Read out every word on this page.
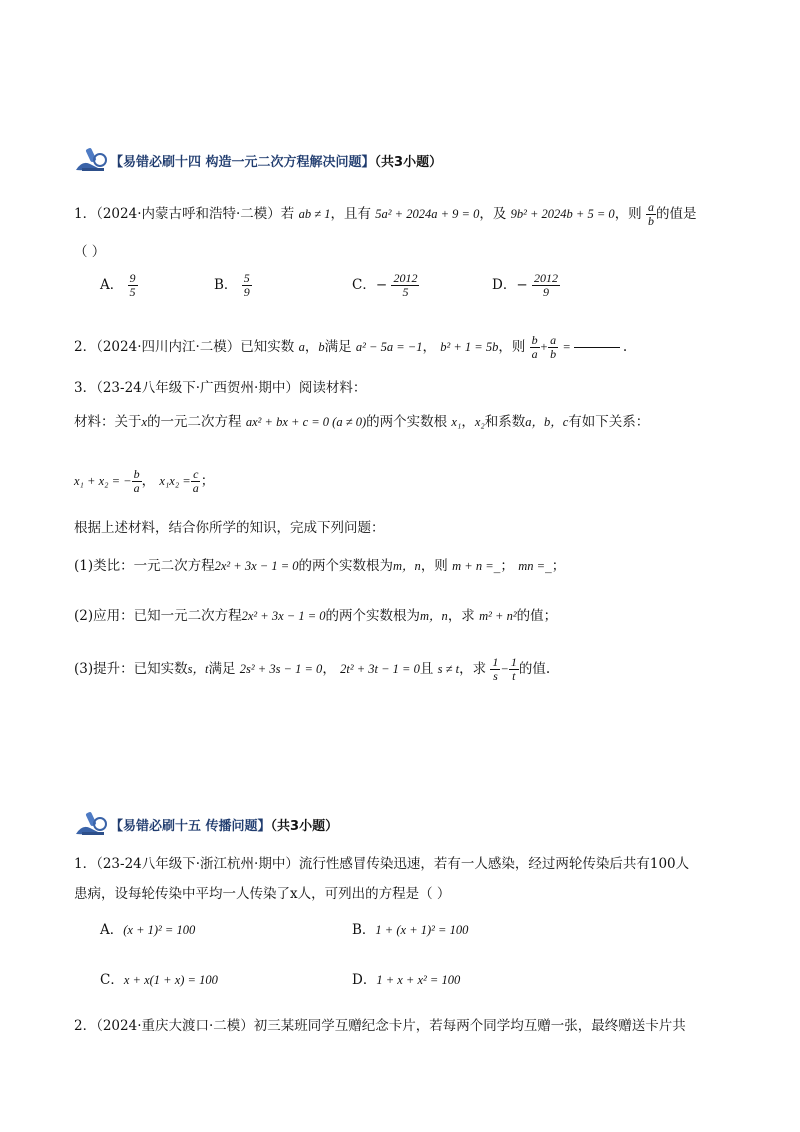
【易错必刷十四 构造一元二次方程解决问题】（共3小题）
1．（2024·内蒙古呼和浩特·二模）若 ab ≠ 1，且有 5a² + 2024a + 9 = 0，及 9b² + 2024b + 5 = 0，则 $\frac{a}{b}$ 的值是
（ ）
A． $\frac{9}{5}$	B． $\frac{5}{9}$	C．− $\frac{2012}{5}$	D．− $\frac{2012}{9}$
2．（2024·四川内江·二模）已知实数 a，b满足 a² − 5a = −1， b² + 1 = 5b，则 $\frac{b}{a} + \frac{a}{b}$ =	.
3．（23-24八年级下·广西贺州·期中）阅读材料：
材料：关于x的一元二次方程 ax² + bx + c = 0 (a ≠ 0)的两个实数根 x₁，x₂和系数a，b，c有如下关系：
x₁ + x₂ = − $\frac{b}{a}$ ， $x_1x_2 = \frac{c}{a}$ ；
根据上述材料，结合你所学的知识，完成下列问题：
(1)类比：一元二次方程2x² + 3x − 1 = 0的两个实数根为m，n，则 m + n =_； mn =_；
(2)应用：已知一元二次方程2x² + 3x − 1 = 0的两个实数根为m，n，求 m² + n²的值；
(3)提升：已知实数s，t满足 2s² + 3s − 1 = 0， 2t² + 3t − 1 = 0且 s ≠ t，求 $\frac{1}{s} - \frac{1}{t}$ 的值.
【易错必刷十五 传播问题】（共3小题）
1．（23-24八年级下·浙江杭州·期中）流行性感冒传染迅速，若有一人感染，经过两轮传染后共有100人
患病，设每轮传染中平均一人传染了x人，可列出的方程是（ ）
A．(x + 1)² = 100	B．1 + (x + 1)² = 100
C．x + x(1 + x) = 100	D．1 + x + x² = 100
2．（2024·重庆大渡口·二模）初三某班同学互赠纪念卡片，若每两个同学均互赠一张，最终赠送卡片共
